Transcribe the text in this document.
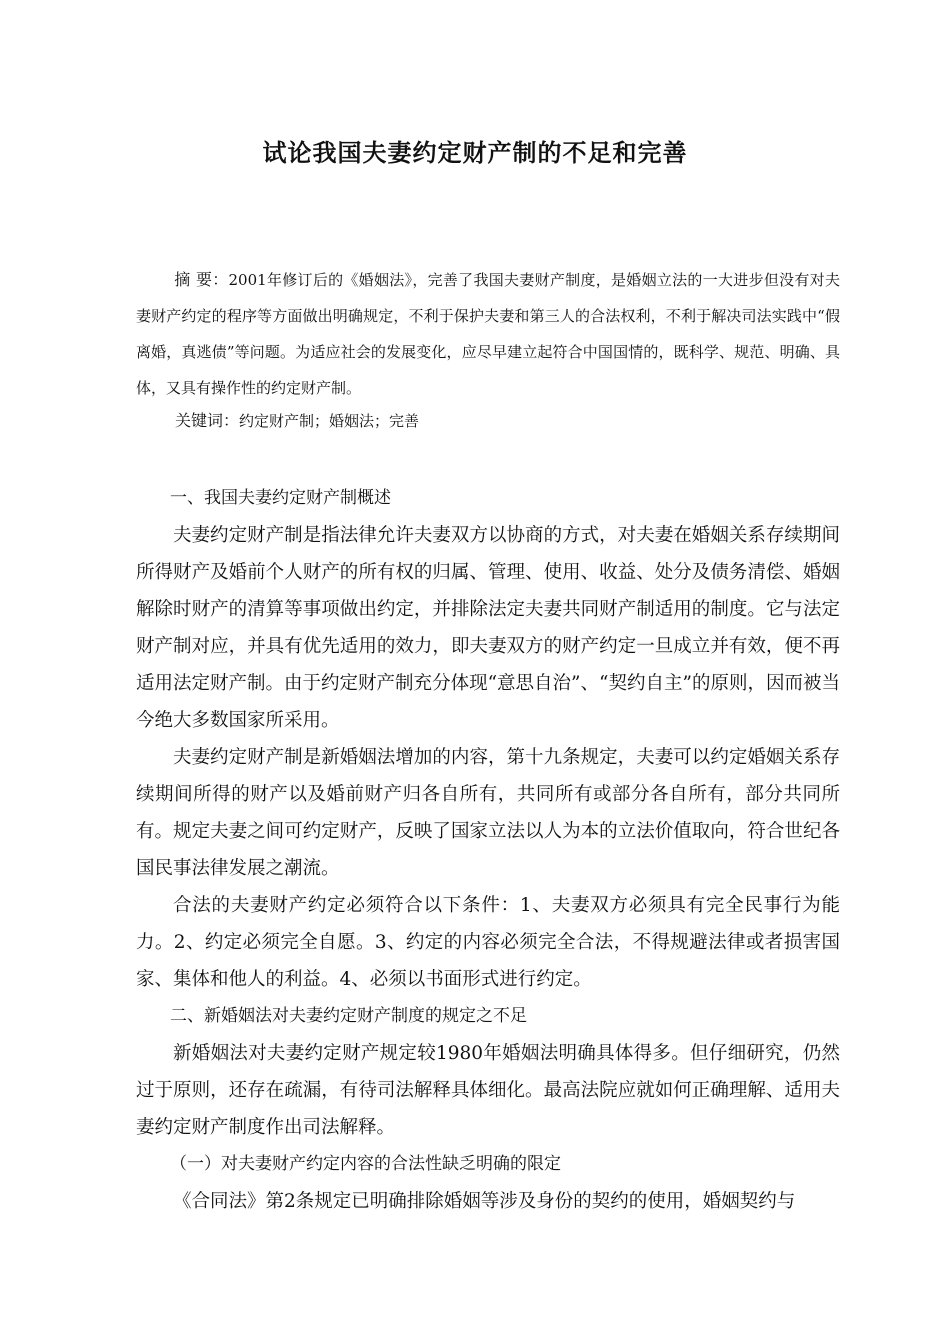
试论我国夫妻约定财产制的不足和完善
摘 要：2001年修订后的《婚姻法》，完善了我国夫妻财产制度，是婚姻立法的一大进步但没有对夫妻财产约定的程序等方面做出明确规定，不利于保护夫妻和第三人的合法权利，不利于解决司法实践中“假离婚，真逃债”等问题。为适应社会的发展变化，应尽早建立起符合中国国情的，既科学、规范、明确、具体，又具有操作性的约定财产制。
关键词：约定财产制；婚姻法；完善

一、我国夫妻约定财产制概述

夫妻约定财产制是指法律允许夫妻双方以协商的方式，对夫妻在婚姻关系存续期间所得财产及婚前个人财产的所有权的归属、管理、使用、收益、处分及债务清偿、婚姻解除时财产的清算等事项做出约定，并排除法定夫妻共同财产制适用的制度。它与法定财产制对应，并具有优先适用的效力，即夫妻双方的财产约定一旦成立并有效，便不再适用法定财产制。由于约定财产制充分体现“意思自治”、“契约自主”的原则，因而被当今绝大多数国家所采用。

夫妻约定财产制是新婚姻法增加的内容，第十九条规定，夫妻可以约定婚姻关系存续期间所得的财产以及婚前财产归各自所有，共同所有或部分各自所有，部分共同所有。规定夫妻之间可约定财产，反映了国家立法以人为本的立法价值取向，符合世纪各国民事法律发展之潮流。

合法的夫妻财产约定必须符合以下条件：1、夫妻双方必须具有完全民事行为能力。2、约定必须完全自愿。3、约定的内容必须完全合法，不得规避法律或者损害国家、集体和他人的利益。4、必须以书面形式进行约定。

二、新婚姻法对夫妻约定财产制度的规定之不足

新婚姻法对夫妻约定财产规定较1980年婚姻法明确具体得多。但仔细研究，仍然过于原则，还存在疏漏，有待司法解释具体细化。最高法院应就如何正确理解、适用夫妻约定财产制度作出司法解释。

（一）对夫妻财产约定内容的合法性缺乏明确的限定

《合同法》第2条规定已明确排除婚姻等涉及身份的契约的使用，婚姻契约与
